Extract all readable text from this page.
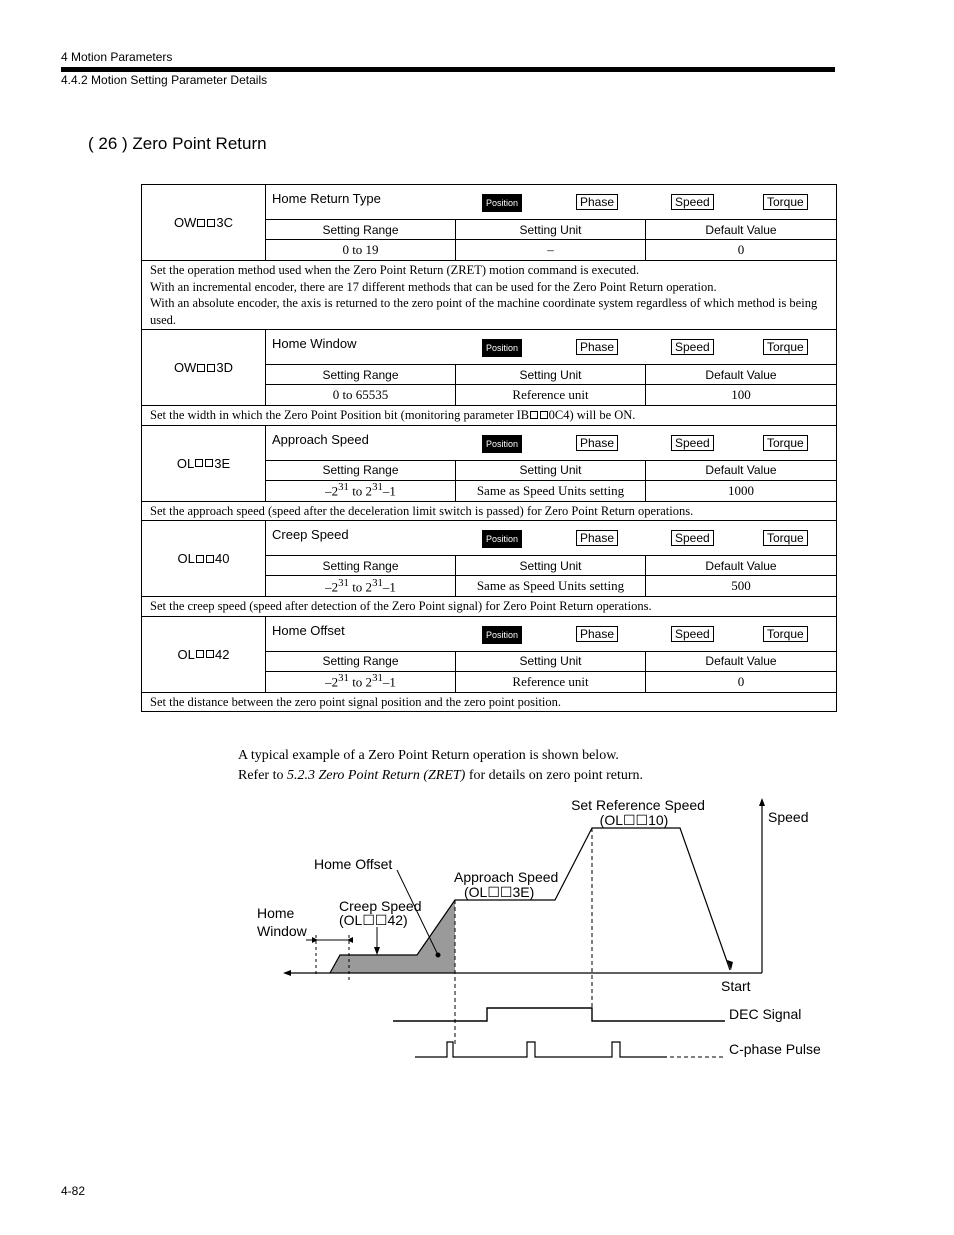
4 Motion Parameters
4.4.2 Motion Setting Parameter Details
( 26 ) Zero Point Return
OW 3C	Home Return Type Position Phase Speed Torque		

	Setting Range	Setting Unit	Default Value
	0 to 19	–	0

Set the operation method used when the Zero Point Return (ZRET) motion command is executed.
With an incremental encoder, there are 17 different methods that can be used for the Zero Point Return operation.
With an absolute encoder, the axis is returned to the zero point of the machine coordinate system regardless of which method is being used.			

OW 3D	Home Window Position Phase Speed Torque		

	Setting Range	Setting Unit	Default Value
	0 to 65535	Reference unit	100

Set the width in which the Zero Point Position bit (monitoring parameter IB 0C4) will be ON.			

OL 3E	Approach Speed Position Phase Speed Torque		

	Setting Range	Setting Unit	Default Value
	$-2^{31}$ to $2^{31}-1$	Same as Speed Units setting	1000

Set the approach speed (speed after the deceleration limit switch is passed) for Zero Point Return operations.			

OL 40	Creep Speed Position Phase Speed Torque		

	Setting Range	Setting Unit	Default Value
	$-2^{31}$ to $2^{31}-1$	Same as Speed Units setting	500

Set the creep speed (speed after detection of the Zero Point signal) for Zero Point Return operations.			

OL 42	Home Offset Position Phase Speed Torque		

	Setting Range	Setting Unit	Default Value
	$-2^{31}$ to $2^{31}-1$	Reference unit	0

Set the distance between the zero point signal position and the zero point position.			
A typical example of a Zero Point Return operation is shown below.
Refer to 5.2.3 Zero Point Return (ZRET) for details on zero point return.
Set Reference Speed
(OL☐☐10)	Speed
Home Offset
Approach Speed
(OL☐☐3E)
Creep Speed
(OL☐☐42)
Home
Window
Start
DEC Signal
C-phase Pulse
4-82
